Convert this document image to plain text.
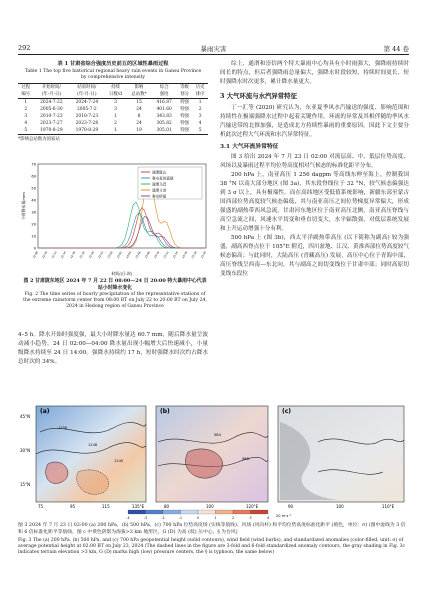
292	暴雨灾害	第 44 卷
表 1 甘肃省综合强度历史前五的区域性暴雨过程
Table 1 The top five historical regional heavy rain events in Gansu Province by comprehensive intensity
过程	开始时间/	结束时间/	持续	影响	综合	等级	历史
编号	(年-月-日)	(年-月-日)	日数/d	总站数*	强度	划分	排序
1	2024-7-22	2024-7-24	3	15	416.87	特强	1
2	2005-6-30	2005-7-2	3	24	401.60	特强	2
3	2010-7-23	2010-7-23	1	8	343.83	特强	3
4	2023-7-27	2023-7-28	2	24	305.82	特强	4
5	1970-8-29	1970-8-29	1	19	305.01	特强	5
*影响总站数为国家站
70
60
50
40
30
20
10
0
22-08	22-10	22-12	22-14	22-16	22-18	22-20	22-22	23-00	23-02	23-04	23-06	23-08	23-10	23-12	23-14	23-16	23-18	23-20
小时降水量/mm
时间/(日-时)
通渭陇山
秦安县郭嘉镇
通渭马营
通渭义岗
秦安桥镇
图 2 甘肃陇东地区 2024 年 7 月 22 日 08:00—24 日 20:00 特大暴雨中心代表站小时降水变化
Fig. 2 The time series of hourly precipitation of the representative stations of the extreme rainstorm center from 08:00 BT on July 22 to 20:00 BT on July 24, 2024 in Hedong region of Gansu Province

4–5 h。降水开始时强度强，最大小时降水量达 60.7 mm，随后降水量呈波动减小趋势。24 日 02:00—04:00 降水量出现小幅增大后快速减小，小量级降水持续至 24 日 14:00。强降水持续约 17 h，短时强降水时次约占降水总时次的 34%。

综上，通渭和崇信两个特大暴雨中心均具有小时雨强大，强降雨持续时间长的特点，但后者强降雨总量偏大，强降水时段较短，持续时间更长，短时强降水时次更多，累计降水量更大。

3 大气环流与水汽异常特征

丁一汇等 (2020) 研究认为，东亚夏季风水汽输送的强度、影响范围和持续性在极端强降水过程中起着关键作用，环流的异常及其相伴随的季风水汽输送带的北推加强，是造成北方持续性暴雨的重要原因。因此下文主要分析此次过程大气环流和水汽异常特征。

3.1 大气环流异常特征

图 3 给出 2024 年 7 月 23 日 02:00 对流层高、中、低层位势高度、风场以及暴雨过程平均位势高度相对气候态的标准化距平分布。

200 hPa 上，南亚高压 1 256 dagpm 等高线东伸至海上，控制我国 38 °N 以南大部分地区 (图 3a)，其东段脊线位于 32 °N，较气候态偏强达到 3 σ 以上，具有极端性。而在高纬地区受低值系统影响，新疆东部至蒙古国西部位势高度较气候态偏低，其与南亚高压之间位势梯度异常偏大，形成强盛的副热带西风急流，甘肃河东地区位于南亚高压北侧，南亚高压脊线与高空急流之间，风速水平切变和垂直切变大，水平辐散强，对低层系统发展和上升运动增强十分有利。

500 hPa 上 (图 3b)，西太平洋副热带高压 (以下简称为副高) 较为强盛，副高西脊点位于 105°E 附近，四川盆地、江汉、黄淮西部位势高度较气候态偏高；与此同时，大陆高压 (青藏高压) 发展，高压中心位于青海中部，高压脊线呈西南—东北向，其与副高之间切变线位于甘肃中部；同时高原切变线东段位

(a)
1256
1248
1240
45°N
30°N
15°N
75	95	115	135°E
(b)
584
588
80	100	120°E
(c)
90	100	110°E
-4	-3	-2	-1	0	1	2	3	4 20 m·s⁻¹
图 3 2024 年 7 月 23 日 02:00 (a) 200 hPa，(b) 500 hPa，(c) 700 hPa 位势高度场 (实线等值线)、风场 (风向杆) 和平均位势高度标准化距平 (填色，单位：σ) (图中虚线为 3 倍和 6 倍标准化距平等值线，图 c 中黄色阴影为海拔>3 km 地形区，G (D) 为高 (低) 压中心，§ 为台风)
Fig. 3 The (a) 200 hPa, (b) 500 hPa, and (c) 700 hPa geopotential height (solid contours), wind field (wind barbs), and standardized anomalies (color-filled, unit: σ) of average potential height at 02:00 BT on July 23, 2024 (The dashed lines in the figure are 3-fold and 6-fold standardized anomaly contours, the gray shading in Fig. 3c indicates terrain elevation >3 km, G (D) marks high (low) pressure centers, the § is typhoon, the same below)
